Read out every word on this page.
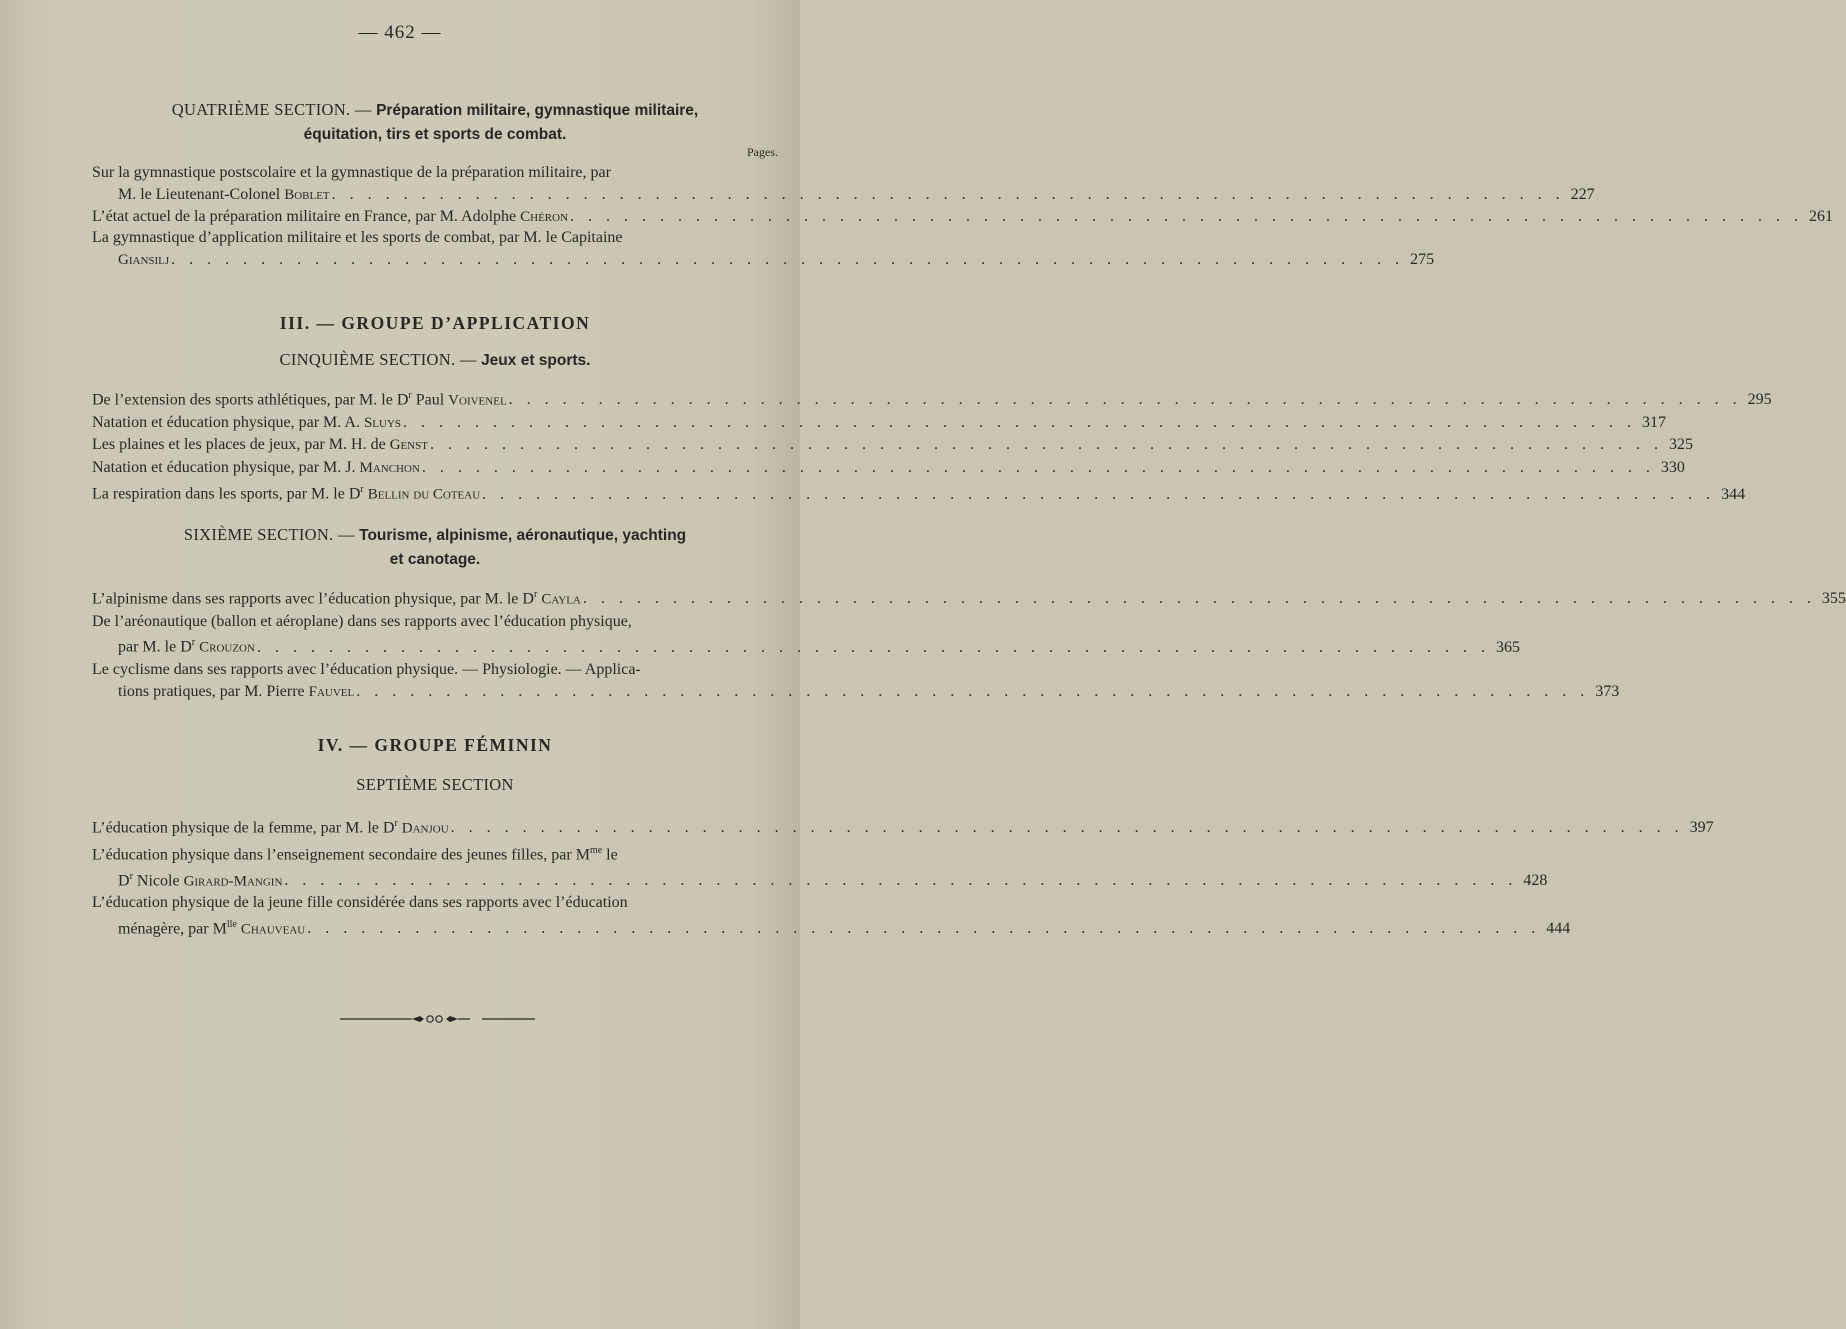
— 462 —
QUATRIÈME SECTION. — Préparation militaire, gymnastique militaire,
équitation, tirs et sports de combat.
Pages.
Sur la gymnastique postscolaire et la gymnastique de la préparation militaire, par
M. le Lieutenant-Colonel Boblet . . .	227
L’état actuel de la préparation militaire en France, par M. Adolphe Chéron . . .	261
La gymnastique d’application militaire et les sports de combat, par M. le Capitaine
Giansilj . . .	275
III. — GROUPE D’APPLICATION
CINQUIÈME SECTION. — Jeux et sports.
De l’extension des sports athlétiques, par M. le $D^r$ Paul Voivenel . . .	295
Natation et éducation physique, par M. A. Sluys . . .	317
Les plaines et les places de jeux, par M. H. de Genst . . .	325
Natation et éducation physique, par M. J. Manchon . . .	330
La respiration dans les sports, par M. le $D^r$ Bellin du Coteau . . .	344
SIXIÈME SECTION. — Tourisme, alpinisme, aéronautique, yachting
et canotage.
L’alpinisme dans ses rapports avec l’éducation physique, par M. le $D^r$ Cayla . . .	355
De l’aréonautique (ballon et aéroplane) dans ses rapports avec l’éducation physique,
par M. le $D^r$ Crouzon . . .	365
Le cyclisme dans ses rapports avec l’éducation physique. — Physiologie. — Applica-
tions pratiques, par M. Pierre Fauvel . . .	373
IV. — GROUPE FÉMININ
SEPTIÈME SECTION
L’éducation physique de la femme, par M. le $D^r$ Danjou . . .	397
L’éducation physique dans l’enseignement secondaire des jeunes filles, par $M^{me}$ le
$D^r$ Nicole Girard-Mangin . . .	428
L’éducation physique de la jeune fille considérée dans ses rapports avec l’éducation
ménagère, par $M^{lle}$ Chauveau . . .	444
